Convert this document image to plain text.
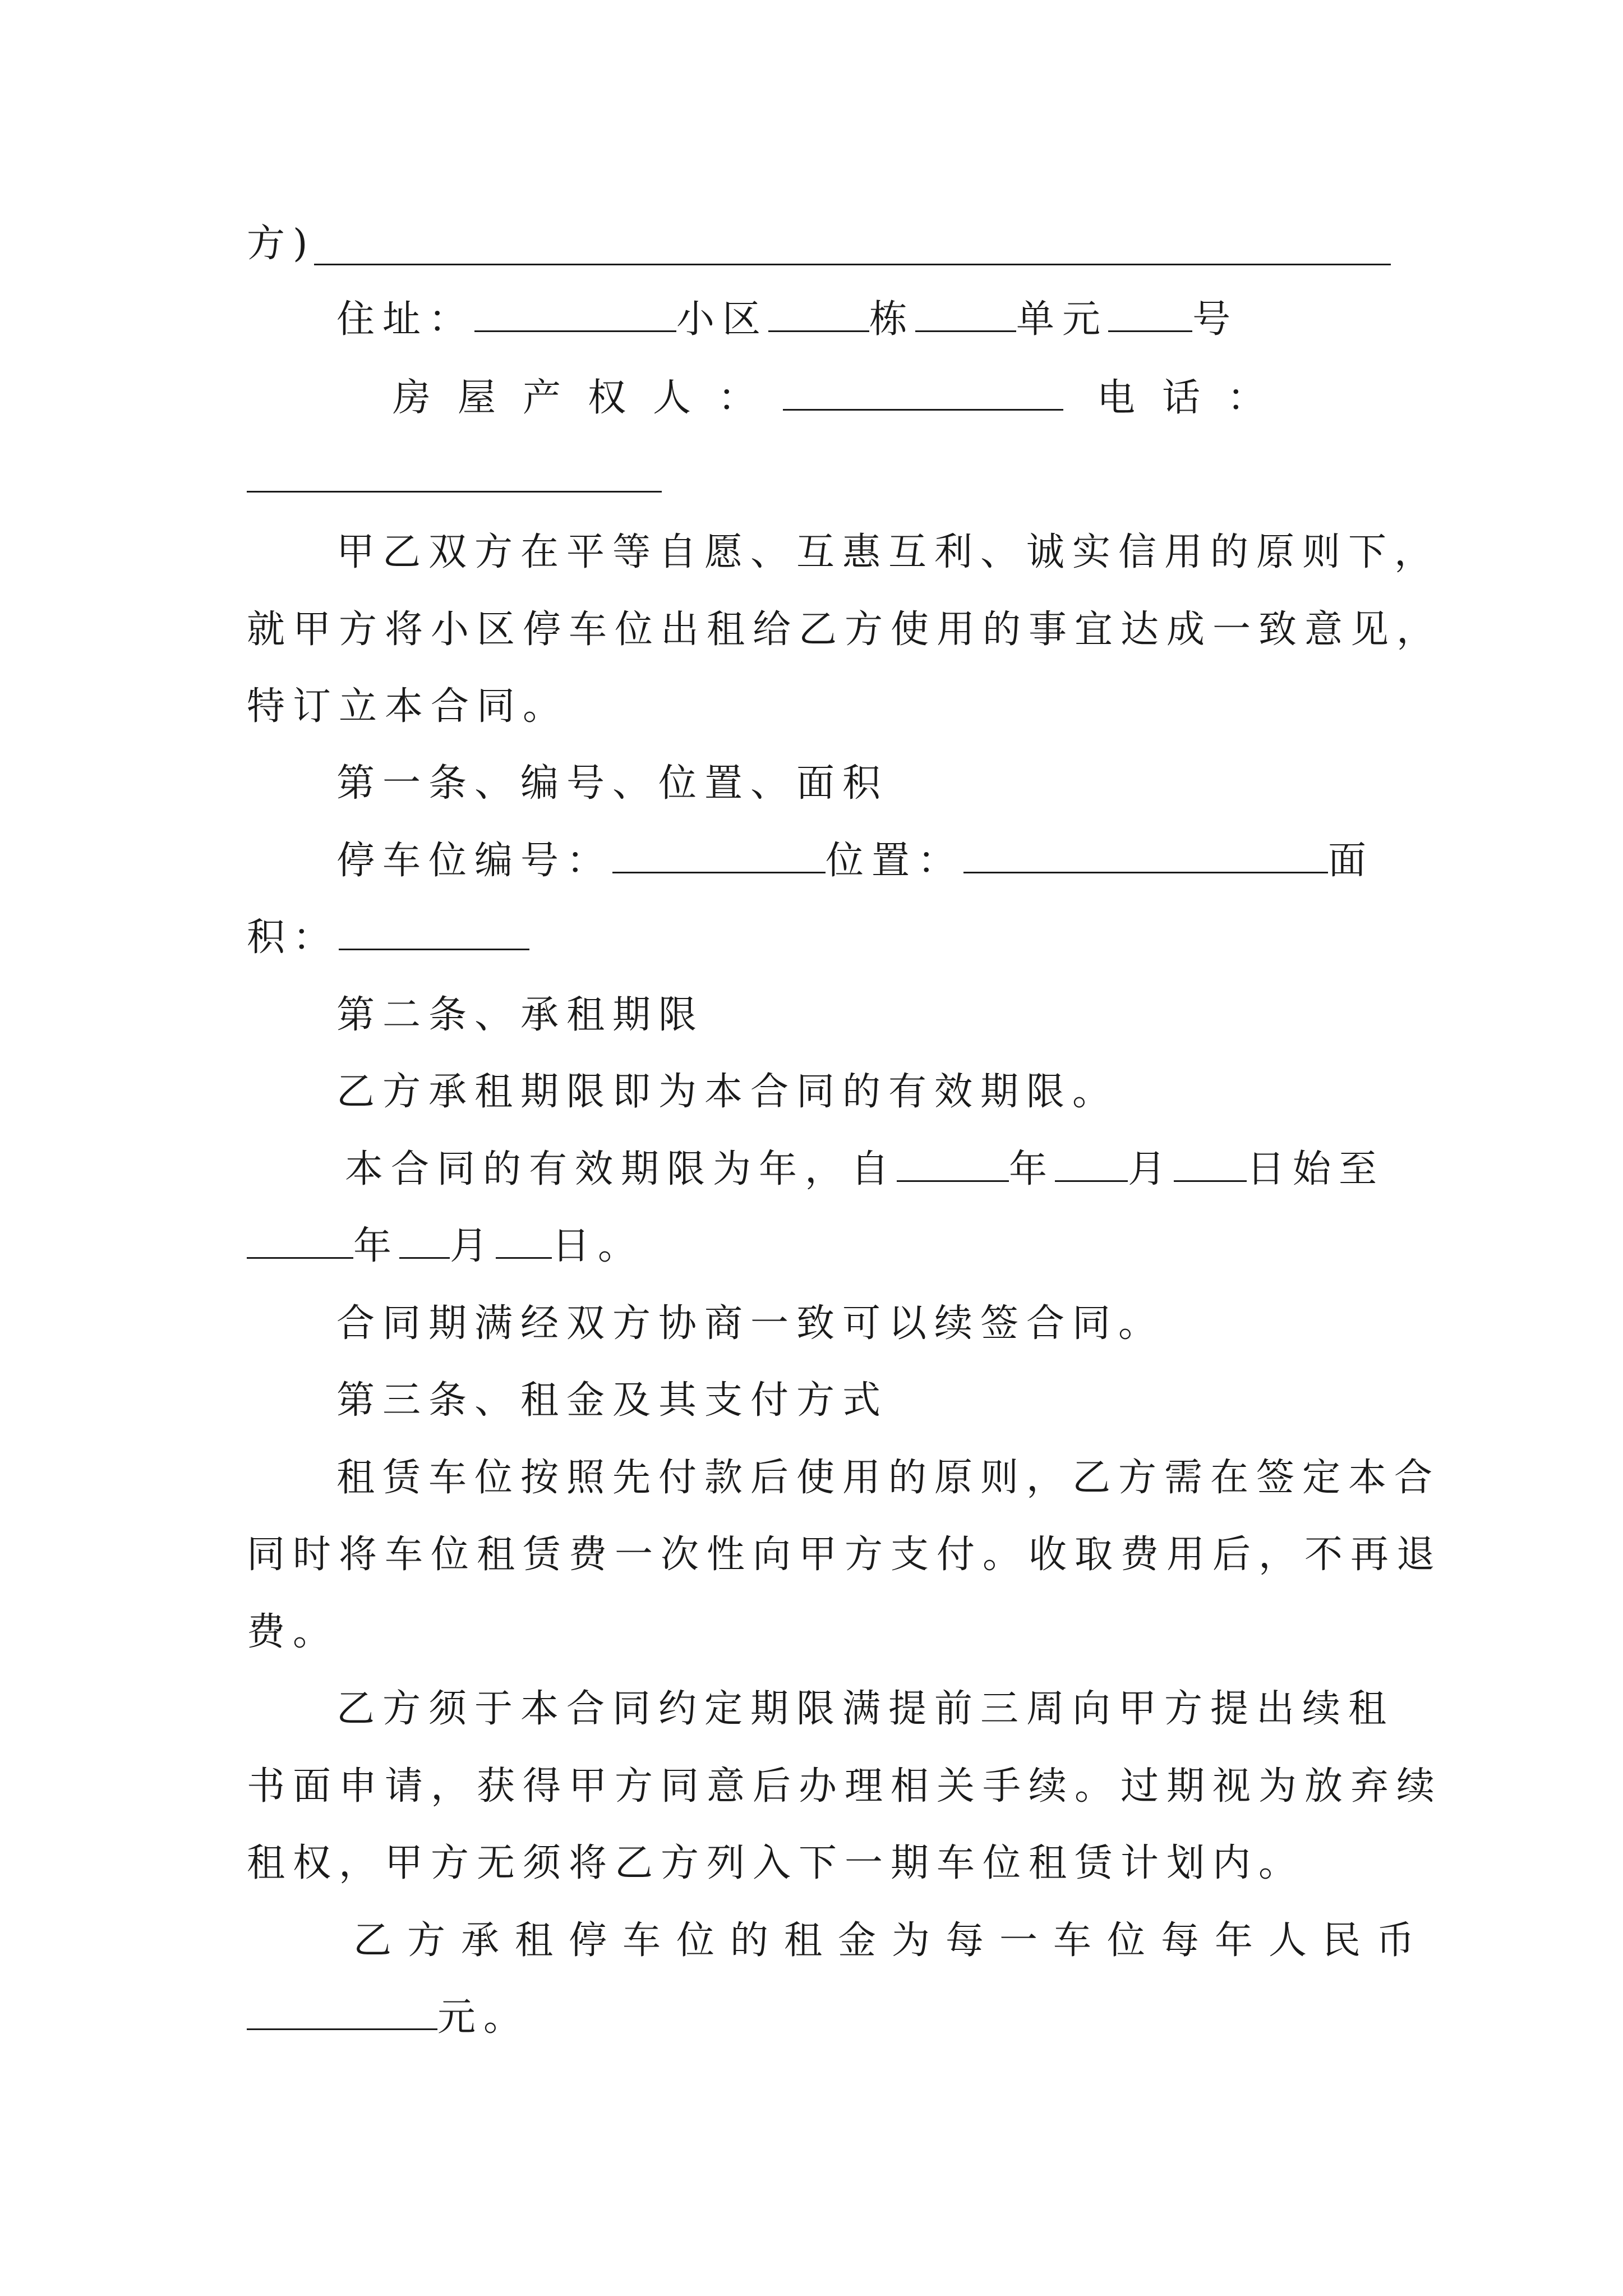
方)
住址：	小区	栋	单元 号
房屋产权人：	电话：
甲乙双方在平等自愿、互惠互利、诚实信用的原则下，
就甲方将小区停车位出租给乙方使用的事宜达成一致意见，
特订立本合同。
第一条、编号、位置、面积
停车位编号：	位置：	面
积：
第二条、承租期限
乙方承租期限即为本合同的有效期限。
本合同的有效期限为年，自	年 月 日始至
年 月 日。
合同期满经双方协商一致可以续签合同。
第三条、租金及其支付方式
租赁车位按照先付款后使用的原则，乙方需在签定本合
同时将车位租赁费一次性向甲方支付。收取费用后，不再退
费。
乙方须于本合同约定期限满提前三周向甲方提出续租
书面申请，获得甲方同意后办理相关手续。过期视为放弃续
租权，甲方无须将乙方列入下一期车位租赁计划内。
乙方承租停车位的租金为每一车位每年人民币
元。
